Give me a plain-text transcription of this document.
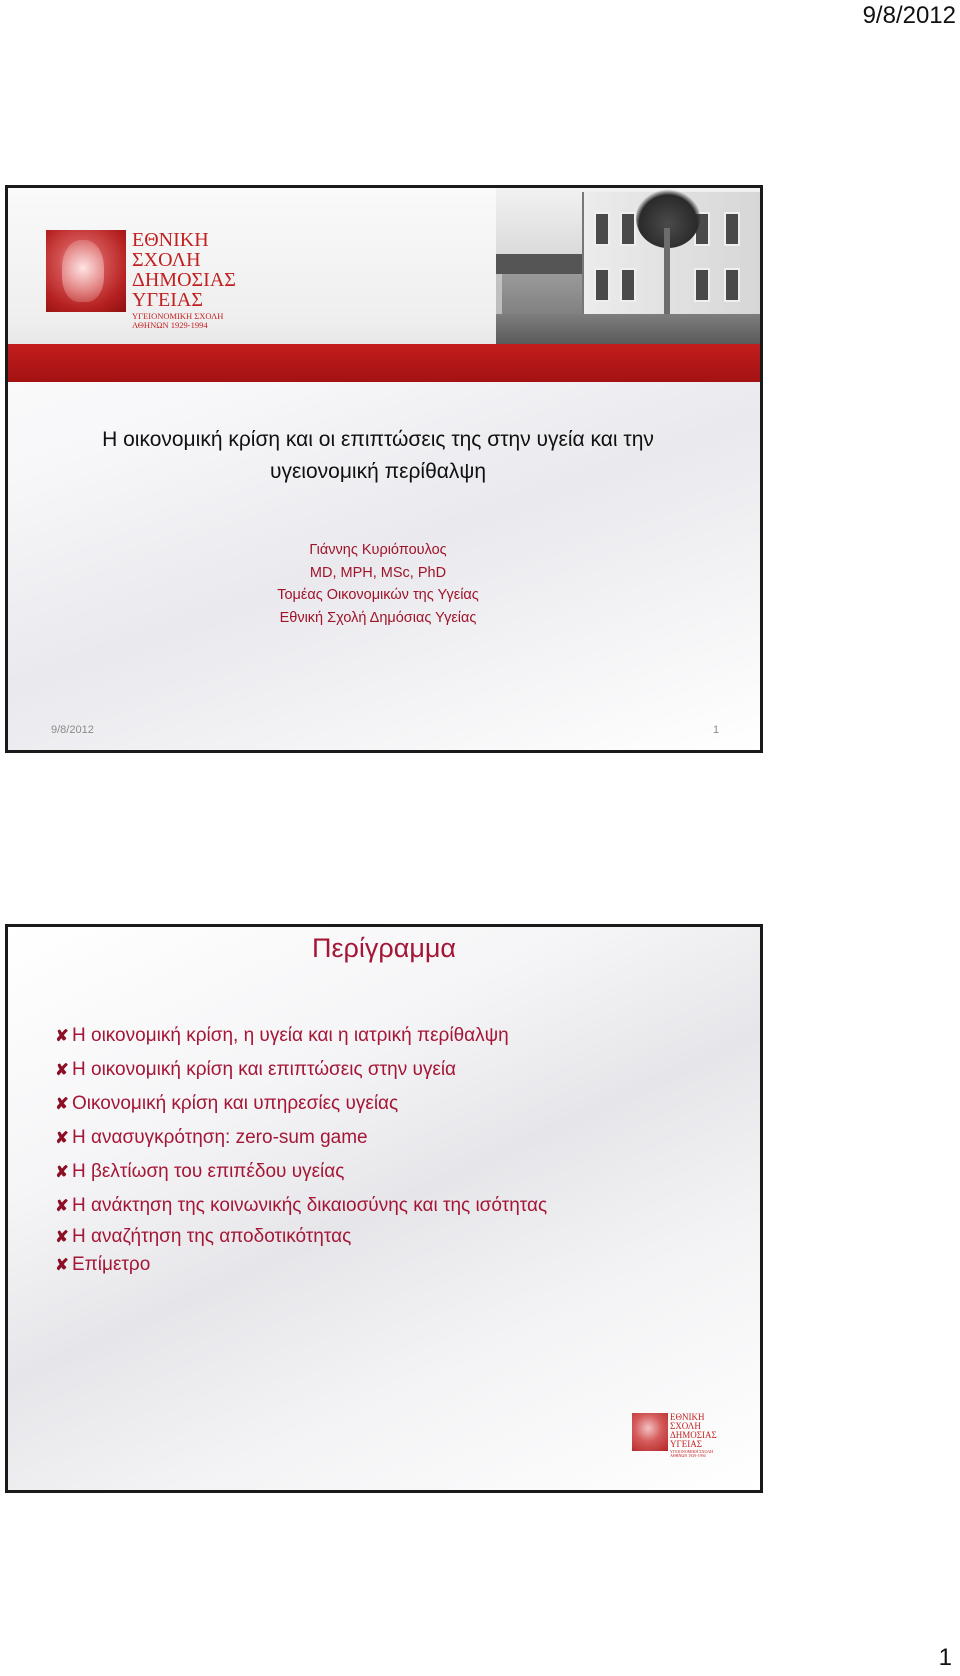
9/8/2012
ΕΘΝΙΚΗ
ΣΧΟΛΗ
ΔΗΜΟΣΙΑΣ
ΥΓΕΙΑΣ
ΥΓΕΙΟΝΟΜΙΚΗ ΣΧΟΛΗ ΑΘΗΝΩΝ 1929-1994
Η οικονομική κρίση και οι επιπτώσεις της στην υγεία και την
υγειονομική περίθαλψη
Γιάννης Κυριόπουλος
MD, MPH, MSc, PhD
Τομέας Οικονομικών της Υγείας
Εθνική Σχολή Δημόσιας Υγείας
9/8/2012	1
Περίγραμμα
✘ Η οικονομική κρίση, η υγεία και η ιατρική περίθαλψη
✘ Η οικονομική κρίση και επιπτώσεις στην υγεία
✘ Οικονομική κρίση και υπηρεσίες υγείας
✘ Η ανασυγκρότηση: zero-sum game
✘ Η βελτίωση του επιπέδου υγείας
✘ Η ανάκτηση της κοινωνικής δικαιοσύνης και της ισότητας
✘ Η αναζήτηση της αποδοτικότητας
✘ Επίμετρο
ΕΘΝΙΚΗ
ΣΧΟΛΗ
ΔΗΜΟΣΙΑΣ
ΥΓΕΙΑΣ
ΥΓΕΙΟΝΟΜΙΚΗ ΣΧΟΛΗ ΑΘΗΝΩΝ 1929-1994
1
